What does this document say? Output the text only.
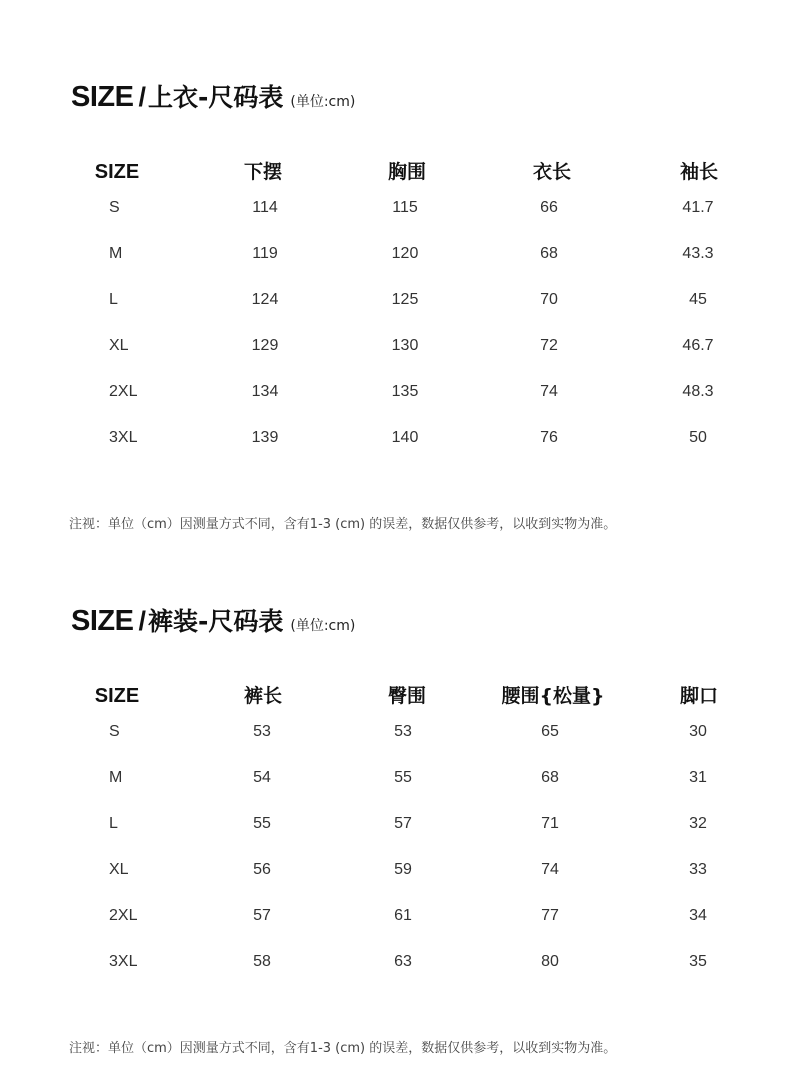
SIZE / 上衣-尺码表 (单位:cm)
SIZE	下摆	胸围	衣长	袖长
S	114	115	66	41.7
M	119	120	68	43.3
L	124	125	70	45
XL	129	130	72	46.7
2XL	134	135	74	48.3
3XL	139	140	76	50
注视：单位（cm）因测量方式不同，含有1-3 (cm) 的误差，数据仅供参考，以收到实物为准。
SIZE / 裤装-尺码表 (单位:cm)
SIZE	裤长	臀围	腰围{松量}	脚口
S	53	53	65	30
M	54	55	68	31
L	55	57	71	32
XL	56	59	74	33
2XL	57	61	77	34
3XL	58	63	80	35
注视：单位（cm）因测量方式不同，含有1-3 (cm) 的误差，数据仅供参考，以收到实物为准。
